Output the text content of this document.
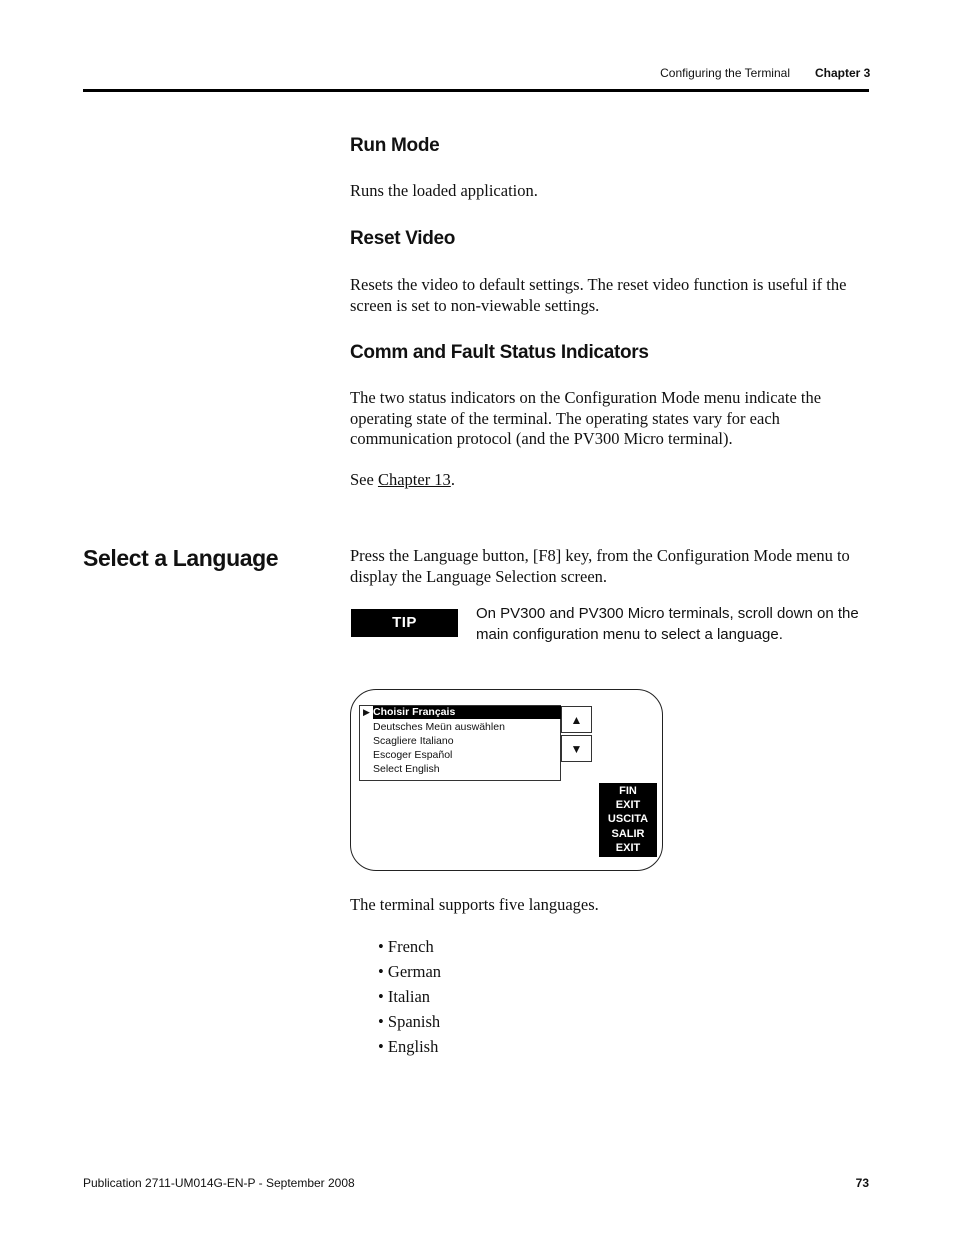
Configuring the Terminal Chapter 3
Run Mode
Runs the loaded application.
Reset Video
Resets the video to default settings. The reset video function is useful if the screen is set to non-viewable settings.
Comm and Fault Status Indicators
The two status indicators on the Configuration Mode menu indicate the operating state of the terminal. The operating states vary for each communication protocol (and the PV300 Micro terminal).
See Chapter 13.
Select a Language	Press the Language button, [F8] key, from the Configuration Mode menu to display the Language Selection screen.
TIP
On PV300 and PV300 Micro terminals, scroll down on the main configuration menu to select a language.
Choisir Français
Deutsches Meün auswählen
Scagliere Italiano
Escoger Español
Select English
▶
▲
▼
FIN
EXIT
USCITA
SALIR
EXIT
The terminal supports five languages.
• French
• German
• Italian
• Spanish
• English
Publication 2711-UM014G-EN-P - September 2008	73
